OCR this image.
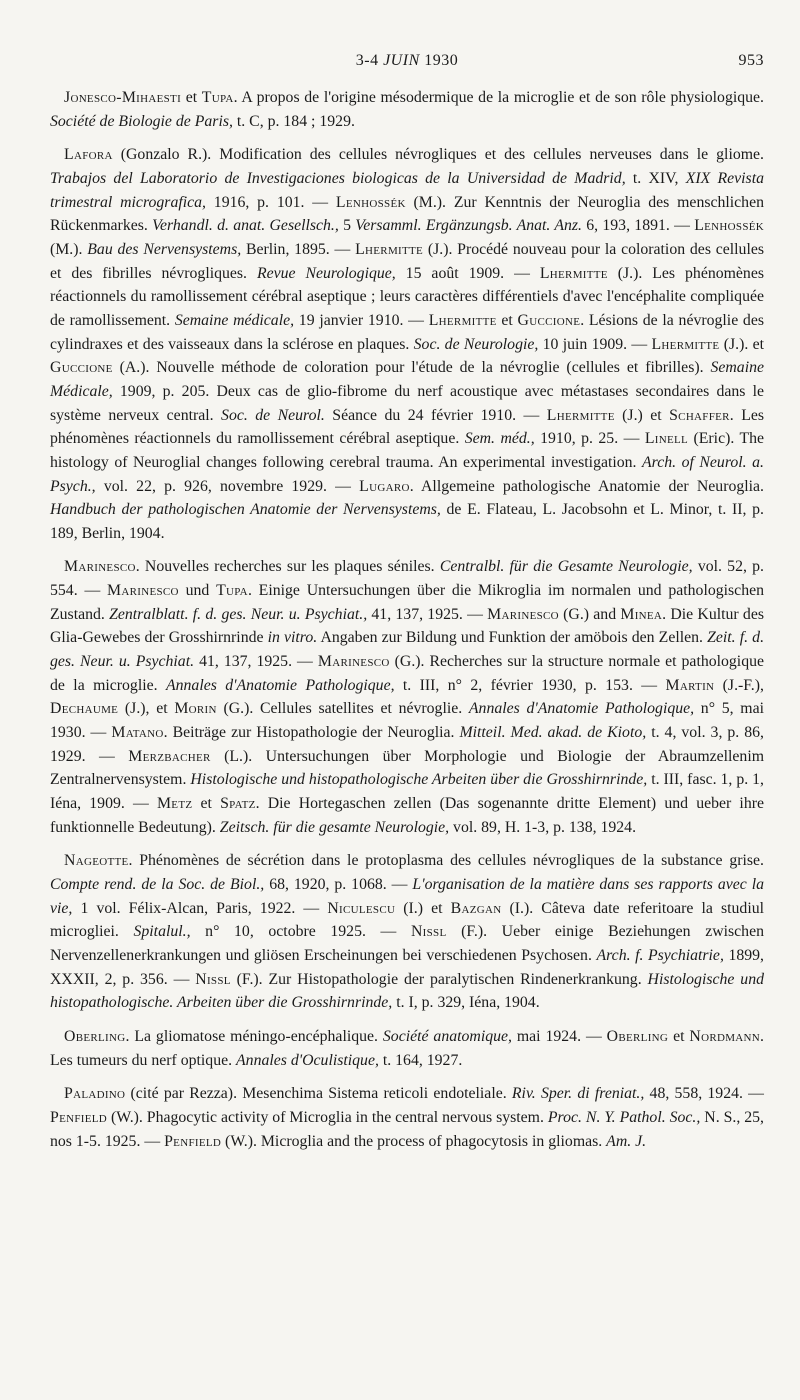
3-4 JUIN 1930	953

Jonesco-Mihaesti et Tupa. A propos de l'origine mésodermique de la microglie et de son rôle physiologique. Société de Biologie de Paris, t. C, p. 184 ; 1929.

Lafora (Gonzalo R.). Modification des cellules névrogliques et des cellules nerveuses dans le gliome. Trabajos del Laboratorio de Investigaciones biologicas de la Universidad de Madrid, t. XIV, XIX Revista trimestral micrografica, 1916, p. 101. — Lenhossék (M.). Zur Kenntnis der Neuroglia des menschlichen Rückenmarkes. Verhandl. d. anat. Gesellsch., 5 Versamml. Ergänzungsb. Anat. Anz. 6, 193, 1891. — Lenhossék (M.). Bau des Nervensystems, Berlin, 1895. — Lhermitte (J.). Procédé nouveau pour la coloration des cellules et des fibrilles névrogliques. Revue Neurologique, 15 août 1909. — Lhermitte (J.). Les phénomènes réactionnels du ramollissement cérébral aseptique ; leurs caractères différentiels d'avec l'encéphalite compliquée de ramollissement. Semaine médicale, 19 janvier 1910. — Lhermitte et Guccione. Lésions de la névroglie des cylindraxes et des vaisseaux dans la sclérose en plaques. Soc. de Neurologie, 10 juin 1909. — Lhermitte (J.). et Guccione (A.). Nouvelle méthode de coloration pour l'étude de la névroglie (cellules et fibrilles). Semaine Médicale, 1909, p. 205. Deux cas de glio-fibrome du nerf acoustique avec métastases secondaires dans le système nerveux central. Soc. de Neurol. Séance du 24 février 1910. — Lhermitte (J.) et Schaffer. Les phénomènes réactionnels du ramollissement cérébral aseptique. Sem. méd., 1910, p. 25. — Linell (Eric). The histology of Neuroglial changes following cerebral trauma. An experimental investigation. Arch. of Neurol. a. Psych., vol. 22, p. 926, novembre 1929. — Lugaro. Allgemeine pathologische Anatomie der Neuroglia. Handbuch der pathologischen Anatomie der Nervensystems, de E. Flateau, L. Jacobsohn et L. Minor, t. II, p. 189, Berlin, 1904.

Marinesco. Nouvelles recherches sur les plaques séniles. Centralbl. für die Gesamte Neurologie, vol. 52, p. 554. — Marinesco und Tupa. Einige Untersuchungen über die Mikroglia im normalen und pathologischen Zustand. Zentralblatt. f. d. ges. Neur. u. Psychiat., 41, 137, 1925. — Marinesco (G.) and Minea. Die Kultur des Glia-Gewebes der Grosshirnrinde in vitro. Angaben zur Bildung und Funktion der amöbois den Zellen. Zeit. f. d. ges. Neur. u. Psychiat. 41, 137, 1925. — Marinesco (G.). Recherches sur la structure normale et pathologique de la microglie. Annales d'Anatomie Pathologique, t. III, n° 2, février 1930, p. 153. — Martin (J.-F.), Dechaume (J.), et Morin (G.). Cellules satellites et névroglie. Annales d'Anatomie Pathologique, n° 5, mai 1930. — Matano. Beiträge zur Histopathologie der Neuroglia. Mitteil. Med. akad. de Kioto, t. 4, vol. 3, p. 86, 1929. — Merzbacher (L.). Untersuchungen über Morphologie und Biologie der Abraumzellenim Zentralnervensystem. Histologische und histopathologische Arbeiten über die Grosshirnrinde, t. III, fasc. 1, p. 1, Iéna, 1909. — Metz et Spatz. Die Hortegaschen zellen (Das sogenannte dritte Element) und ueber ihre funktionnelle Bedeutung). Zeitsch. für die gesamte Neurologie, vol. 89, H. 1-3, p. 138, 1924.

Nageotte. Phénomènes de sécrétion dans le protoplasma des cellules névrogliques de la substance grise. Compte rend. de la Soc. de Biol., 68, 1920, p. 1068. — L'organisation de la matière dans ses rapports avec la vie, 1 vol. Félix-Alcan, Paris, 1922. — Niculescu (I.) et Bazgan (I.). Câteva date referitoare la studiul microgliei. Spitalul., n° 10, octobre 1925. — Nissl (F.). Ueber einige Beziehungen zwischen Nervenzellenerkrankungen und gliösen Erscheinungen bei verschiedenen Psychosen. Arch. f. Psychiatrie, 1899, XXXII, 2, p. 356. — Nissl (F.). Zur Histopathologie der paralytischen Rindenerkrankung. Histologische und histopathologische. Arbeiten über die Grosshirnrinde, t. I, p. 329, Iéna, 1904.

Oberling. La gliomatose méningo-encéphalique. Société anatomique, mai 1924. — Oberling et Nordmann. Les tumeurs du nerf optique. Annales d'Oculistique, t. 164, 1927.

Paladino (cité par Rezza). Mesenchima Sistema reticoli endoteliale. Riv. Sper. di freniat., 48, 558, 1924. — Penfield (W.). Phagocytic activity of Microglia in the central nervous system. Proc. N. Y. Pathol. Soc., N. S., 25, nos 1-5. 1925. — Penfield (W.). Microglia and the process of phagocytosis in gliomas. Am. J.
